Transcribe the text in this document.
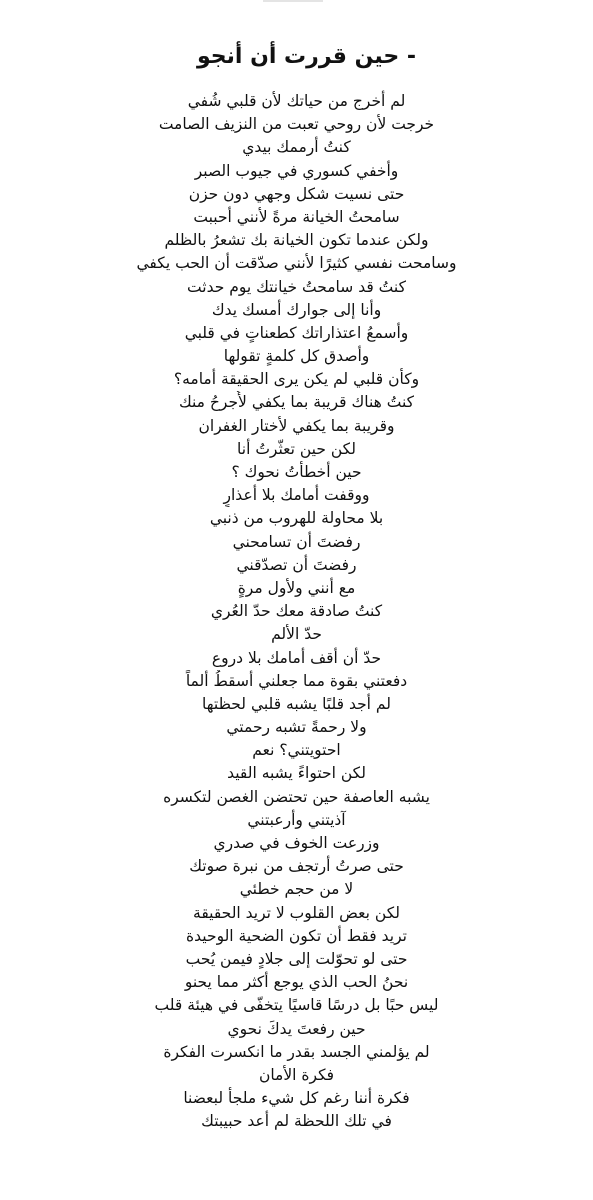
- حين قررت أن أنجو
لم أخرج من حياتك لأن قلبي شُفي
خرجت لأن روحي تعبت من النزيف الصامت
كنتُ أرممك بيدي
وأخفي كسوري في جيوب الصبر
حتى نسيت شكل وجهي دون حزن
سامحتُ الخيانة مرةً لأنني أحببت
ولكن عندما تكون الخيانة بك تشعرُ بالظلم
وسامحت نفسي كثيرًا لأنني صدّقت أن الحب يكفي
كنتُ قد سامحتُ خيانتك يوم حدثت
وأنا إلى جوارك أمسك يدك
وأسمعُ اعتذاراتك كطعناتٍ في قلبي
وأصدق كل كلمةٍ تقولها
وكأن قلبي لم يكن يرى الحقيقة أمامه؟
كنتُ هناك قريبة بما يكفي لأُجرحُ منك
وقريبة بما يكفي لأختار الغفران
لكن حين تعثّرتُ أنا
حين أخطأتُ نحوك ؟
ووقفت أمامك بلا أعذارٍ
بلا محاولة للهروب من ذنبي
رفضتَ أن تسامحني
رفضتَ أن تصدّقني
مع أنني ولأول مرةٍ
كنتُ صادقة معك حدّ العُري
حدّ الألم
حدّ أن أقف أمامك بلا دروع
دفعتني بقوة مما جعلني أسقطُ ألماً
لم أجد قلبًا يشبه قلبي لحظتها
ولا رحمةً تشبه رحمتي
احتويتني؟ نعم
لكن احتواءً يشبه القيد
يشبه العاصفة حين تحتضن الغصن لتكسره
آذيتني وأرعبتني
وزرعت الخوف في صدري
حتى صرتُ أرتجف من نبرة صوتك
لا من حجم خطئي
لكن بعض القلوب لا تريد الحقيقة
تريد فقط أن تكون الضحية الوحيدة
حتى لو تحوّلت إلى جلادٍ فيمن يُحب
نحنُ الحب الذي يوجع أكثر مما يحنو
ليس حبًا بل درسًا قاسيًا يتخفّى في هيئة قلب
حين رفعتَ يدكَ نحوي
لم يؤلمني الجسد بقدر ما انكسرت الفكرة
فكرة الأمان
فكرة أننا رغم كل شيء ملجأ لبعضنا
في تلك اللحظة لم أعد حبيبتك
